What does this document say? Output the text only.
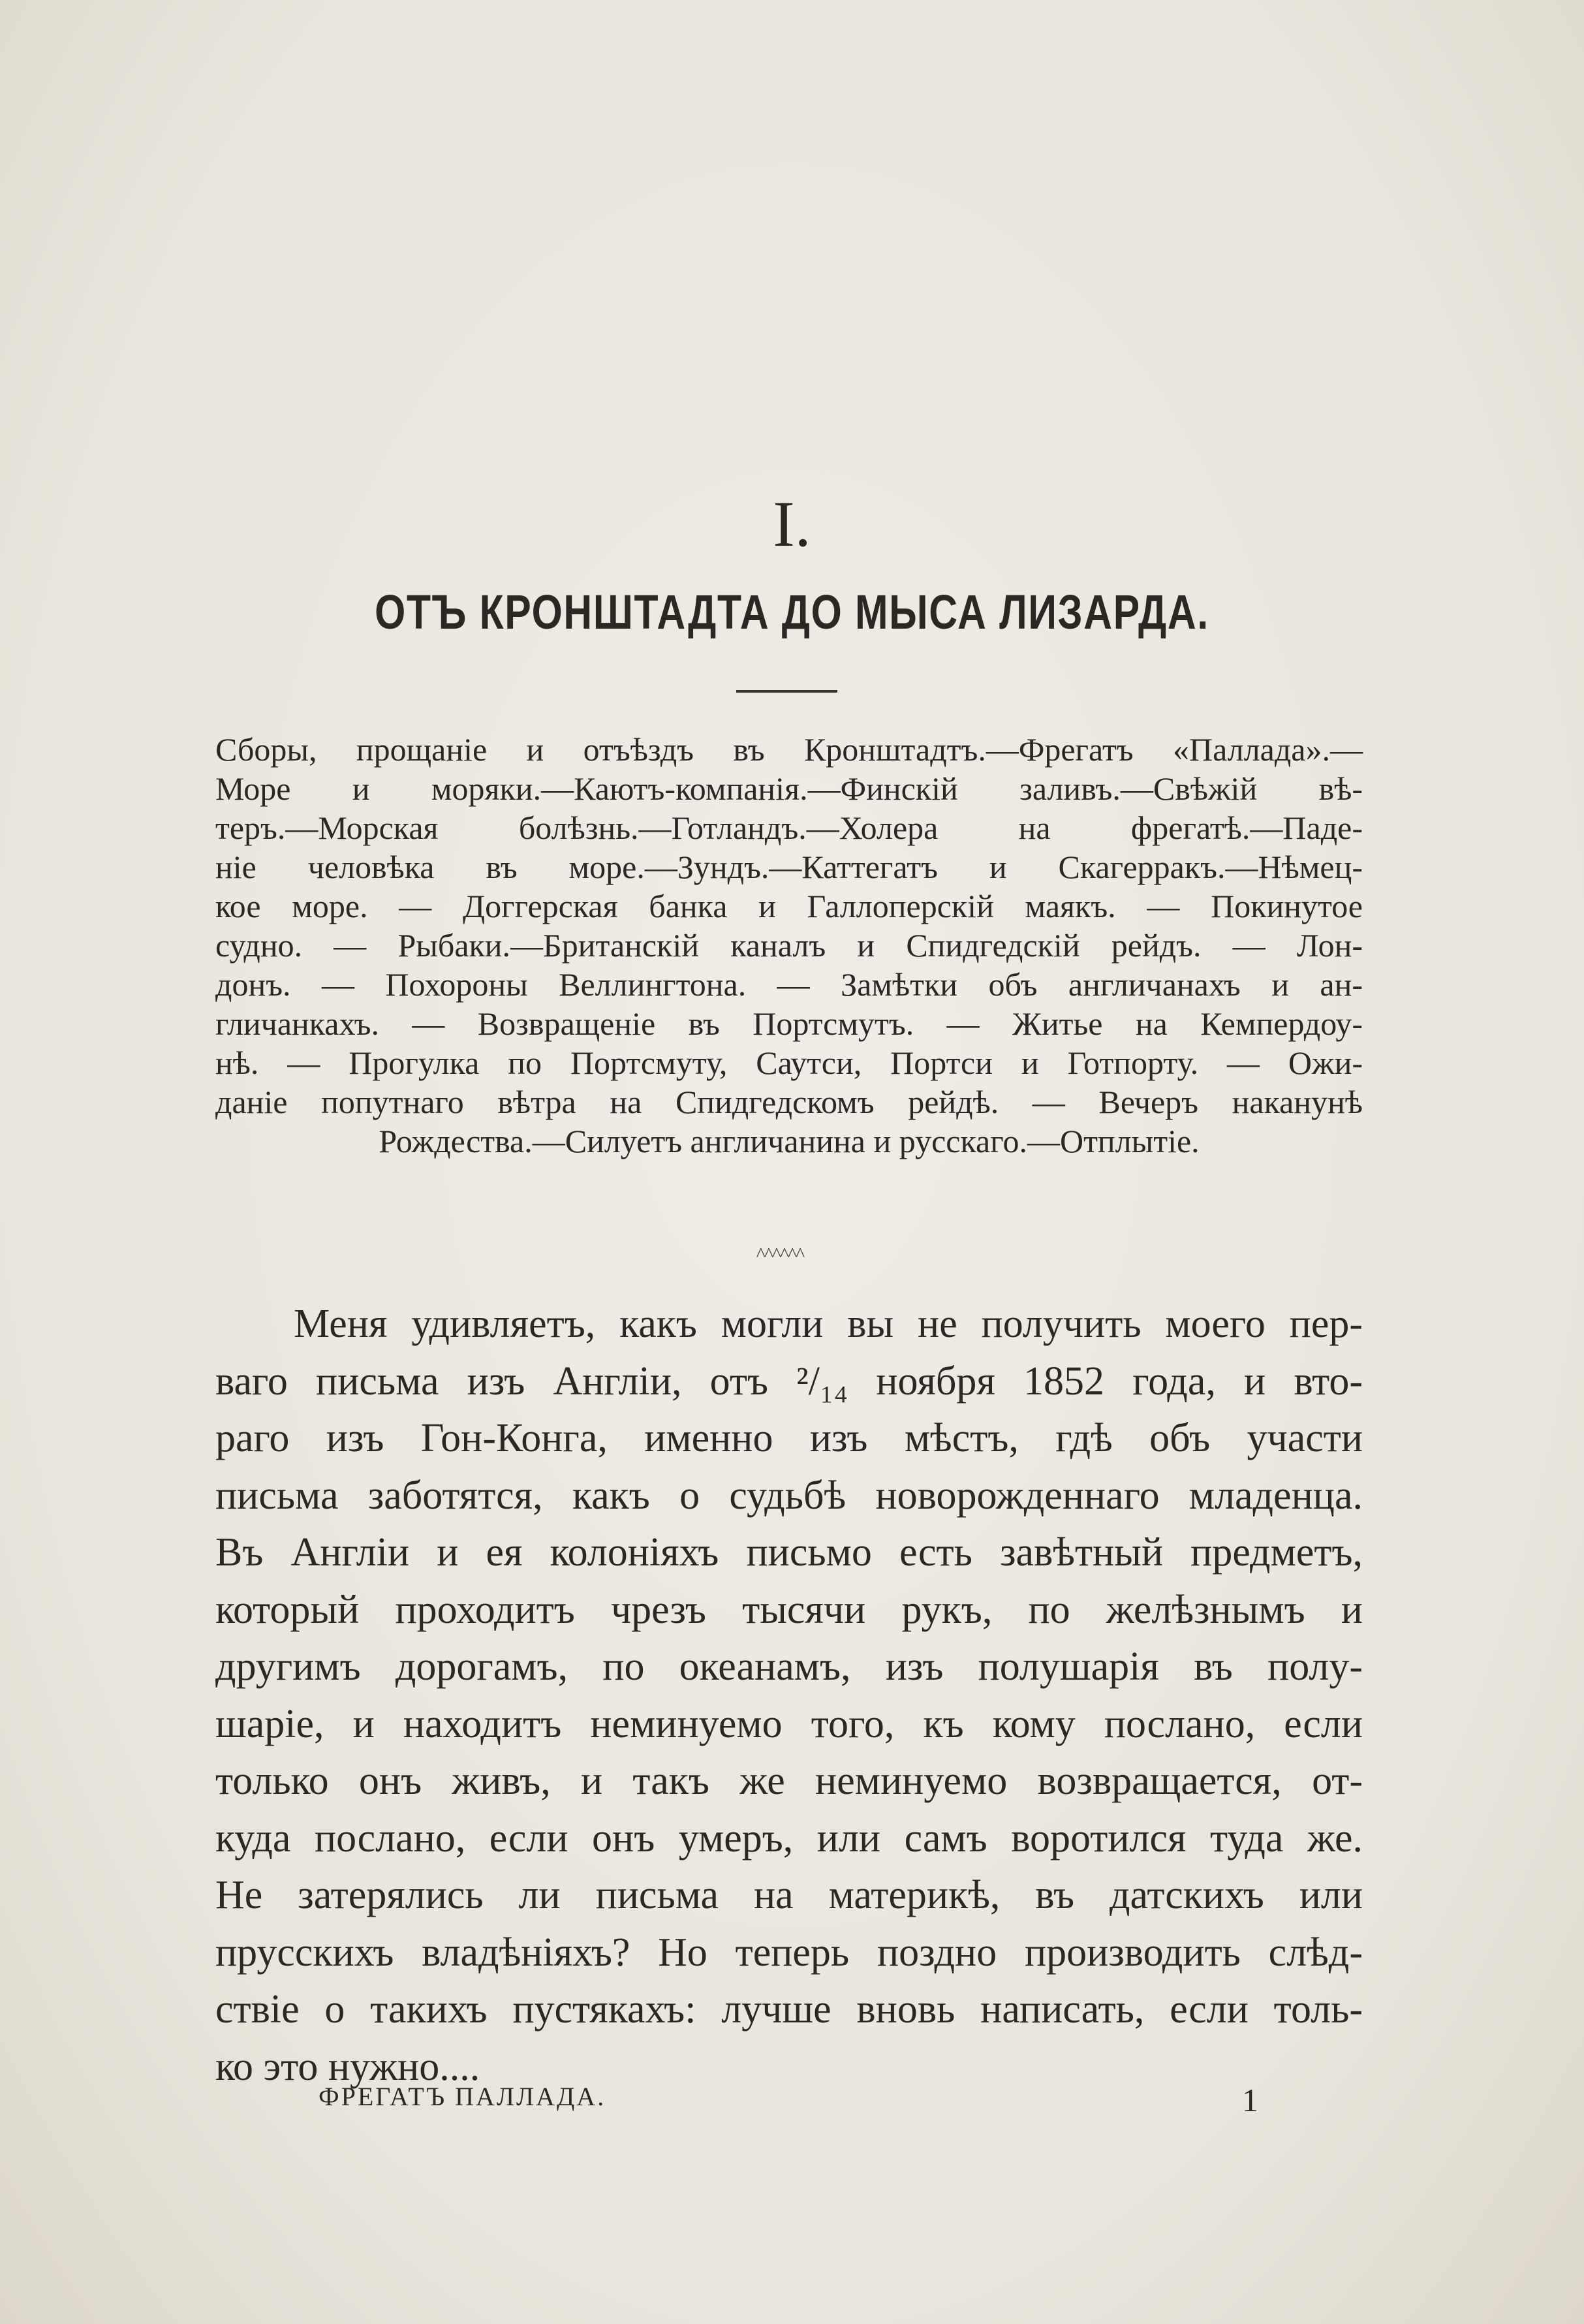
I.
ОТЪ КРОНШТАДТА ДО МЫСА ЛИЗАРДА.
Сборы, прощаніе и отъѣздъ въ Кронштадтъ.—Фрегатъ «Паллада».—
Море и моряки.—Каютъ-компанія.—Финскій заливъ.—Свѣжій вѣ-
теръ.—Морская болѣзнь.—Готландъ.—Холера на фрегатѣ.—Паде-
ніе человѣка въ море.—Зундъ.—Каттегатъ и Скагерракъ.—Нѣмец-
кое море. — Доггерская банка и Галлоперскій маякъ. — Покинутое
судно. — Рыбаки.—Британскій каналъ и Спидгедскій рейдъ. — Лон-
донъ. — Похороны Веллингтона. — Замѣтки объ англичанахъ и ан-
гличанкахъ. — Возвращеніе въ Портсмутъ. — Житье на Кемпердоу-
нѣ. — Прогулка по Портсмуту, Саутси, Портси и Готпорту. — Ожи-
даніе попутнаго вѣтра на Спидгедскомъ рейдѣ. — Вечеръ наканунѣ
Рождества.—Силуетъ англичанина и русскаго.—Отплытіе.
^^^^^^
Меня удивляетъ, какъ могли вы не получить моего пер-
ваго письма изъ Англіи, отъ ²/₁₄ ноября 1852 года, и вто-
раго изъ Гон-Конга, именно изъ мѣстъ, гдѣ объ участи
письма заботятся, какъ о судьбѣ новорожденнаго младенца.
Въ Англіи и ея колоніяхъ письмо есть завѣтный предметъ,
который проходитъ чрезъ тысячи рукъ, по желѣзнымъ и
другимъ дорогамъ, по океанамъ, изъ полушарія въ полу-
шаріе, и находитъ неминуемо того, къ кому послано, если
только онъ живъ, и такъ же неминуемо возвращается, от-
куда послано, если онъ умеръ, или самъ воротился туда же.
Не затерялись ли письма на материкѣ, въ датскихъ или
прусскихъ владѣніяхъ? Но теперь поздно производить слѣд-
ствіе о такихъ пустякахъ: лучше вновь написать, если толь-
ко это нужно....
ФРЕГАТЪ ПАЛЛАДА.	1
